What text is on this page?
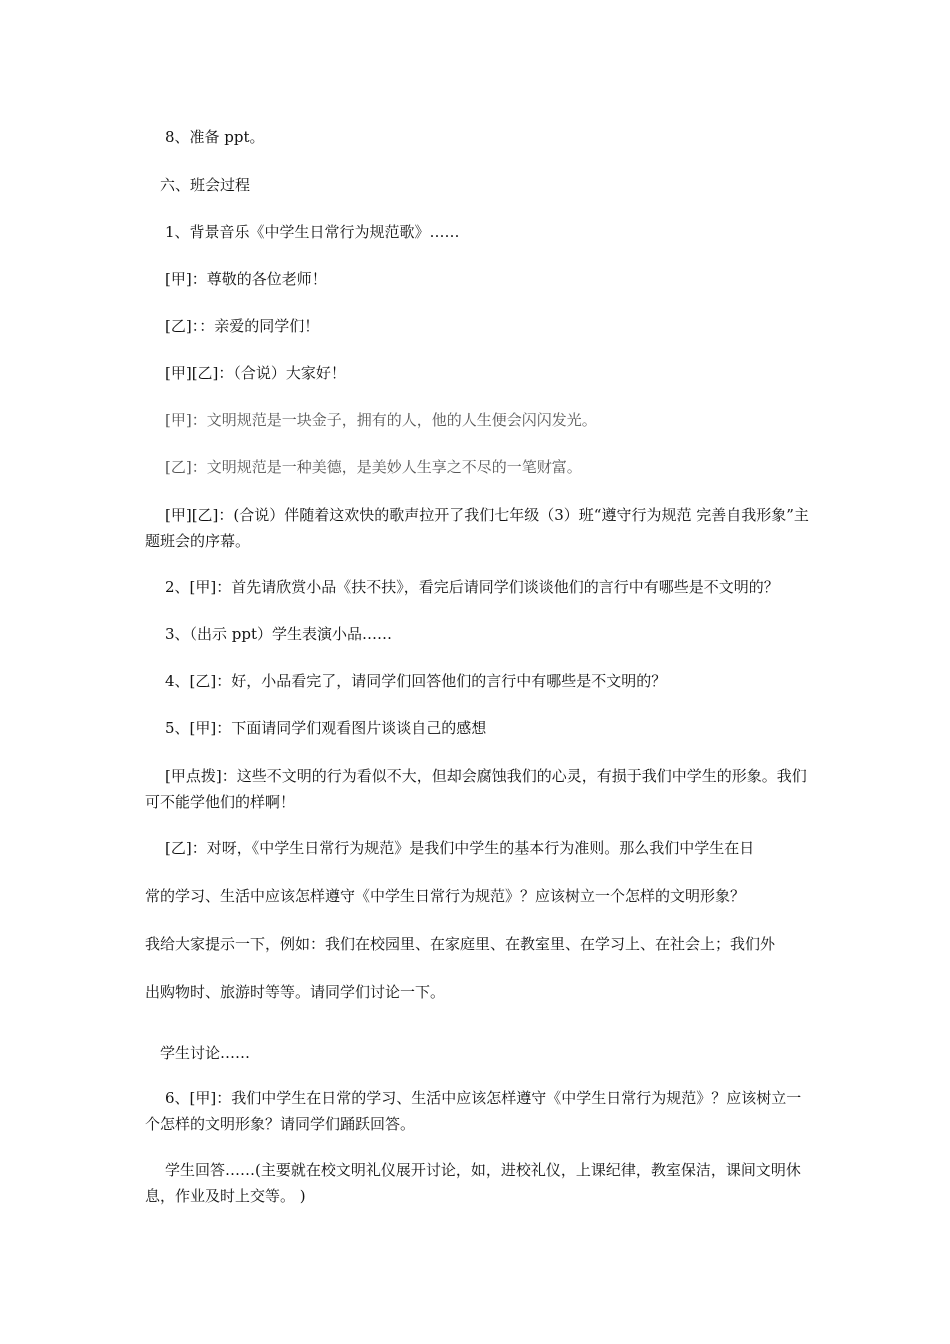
8、准备 ppt。

六、班会过程

1、背景音乐《中学生日常行为规范歌》……

[甲]：尊敬的各位老师！

[乙]：：亲爱的同学们！

[甲][乙]：（合说）大家好！

[甲]：文明规范是一块金子，拥有的人，他的人生便会闪闪发光。

[乙]：文明规范是一种美德，是美妙人生享之不尽的一笔财富。

[甲][乙]：(合说）伴随着这欢快的歌声拉开了我们七年级（3）班“遵守行为规范 完善自我形象”主题班会的序幕。

2、[甲]：首先请欣赏小品《扶不扶》，看完后请同学们谈谈他们的言行中有哪些是不文明的？

3、（出示 ppt）学生表演小品……

4、[乙]：好，小品看完了，请同学们回答他们的言行中有哪些是不文明的？

5、[甲]：下面请同学们观看图片谈谈自己的感想

[甲点拨]：这些不文明的行为看似不大，但却会腐蚀我们的心灵，有损于我们中学生的形象。我们可不能学他们的样啊！

[乙]：对呀，《中学生日常行为规范》是我们中学生的基本行为准则。那么我们中学生在日

常的学习、生活中应该怎样遵守《中学生日常行为规范》？应该树立一个怎样的文明形象？

我给大家提示一下，例如：我们在校园里、在家庭里、在教室里、在学习上、在社会上；我们外

出购物时、旅游时等等。请同学们讨论一下。

学生讨论……

6、[甲]：我们中学生在日常的学习、生活中应该怎样遵守《中学生日常行为规范》？应该树立一个怎样的文明形象？请同学们踊跃回答。

学生回答……(主要就在校文明礼仪展开讨论，如，进校礼仪，上课纪律，教室保洁，课间文明休息，作业及时上交等。 )
